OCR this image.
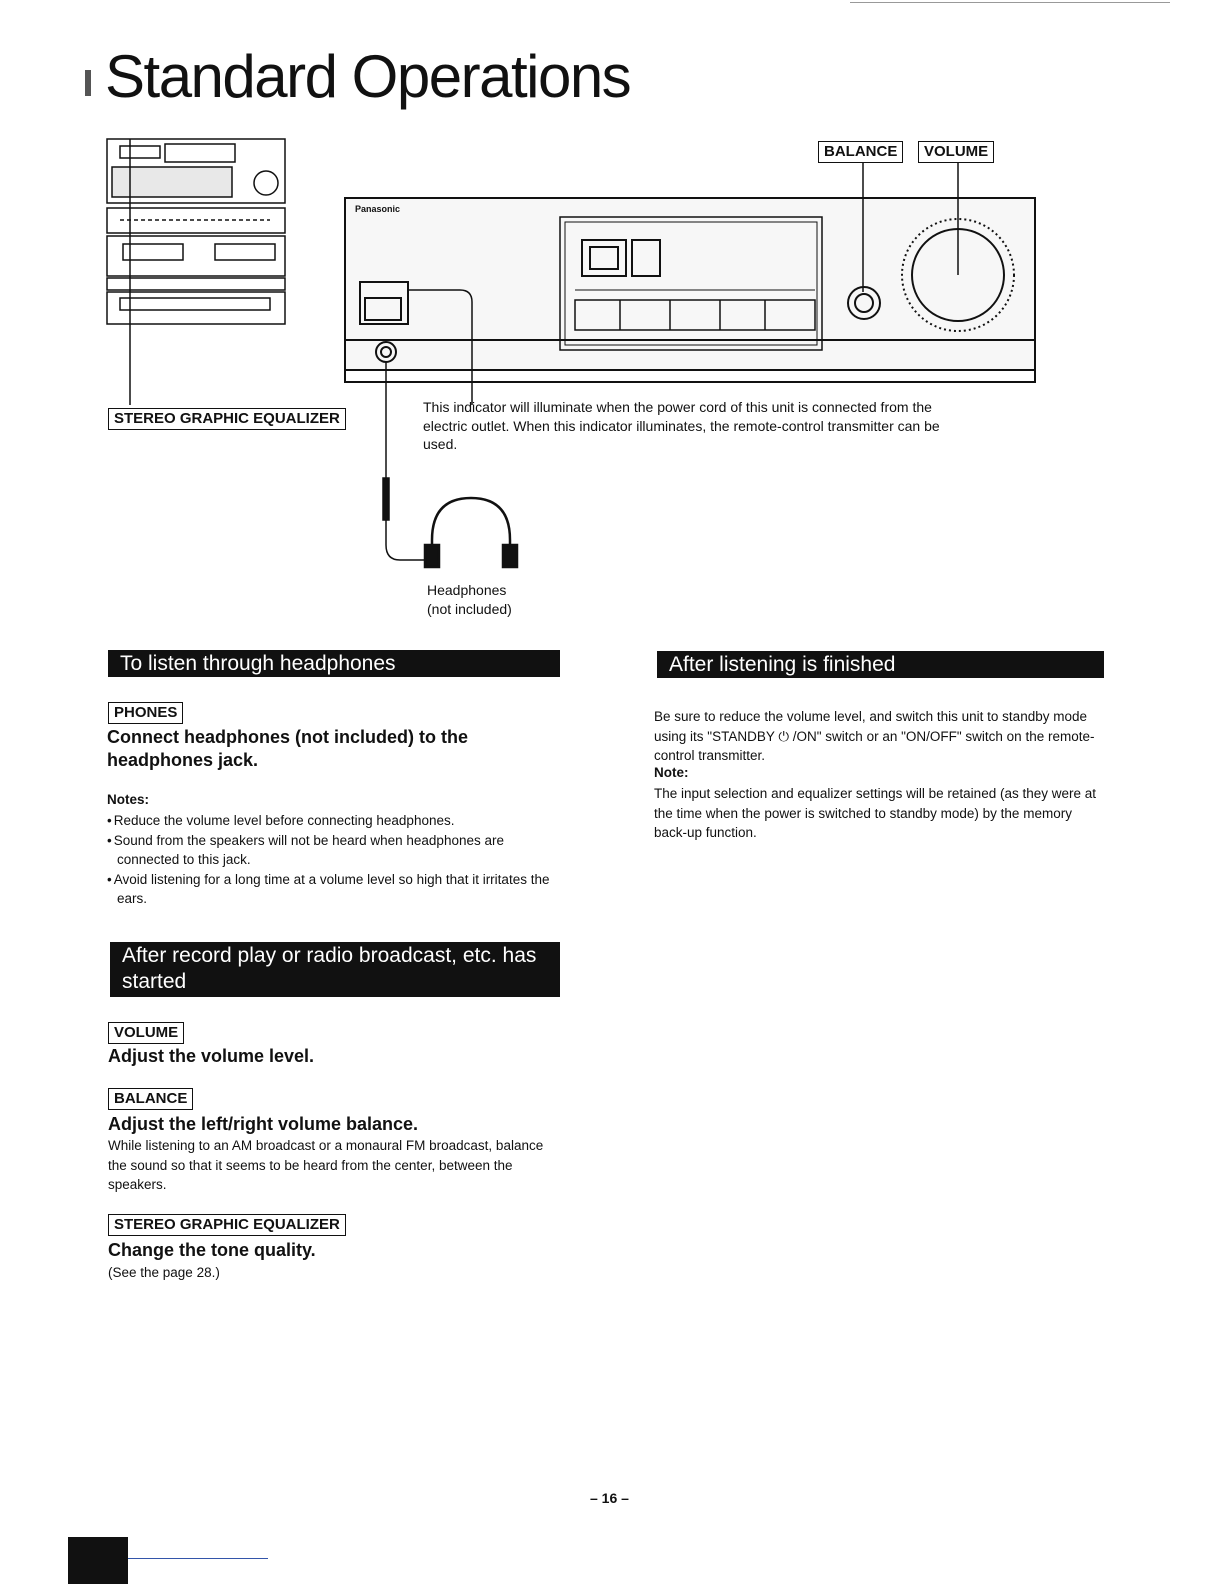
Standard Operations
Panasonic
BALANCE	VOLUME
STEREO GRAPHIC EQUALIZER
This indicator will illuminate when the power cord of this unit is connected from the electric outlet. When this indicator illuminates, the remote-control transmitter can be used.
Headphones
(not included)
To listen through headphones
PHONES
Connect headphones (not included) to the headphones jack.
Notes:
• Reduce the volume level before connecting headphones.
• Sound from the speakers will not be heard when headphones are connected to this jack.
• Avoid listening for a long time at a volume level so high that it irritates the ears.
After record play or radio broadcast, etc. has started
VOLUME
Adjust the volume level.
BALANCE
Adjust the left/right volume balance.
While listening to an AM broadcast or a monaural FM broadcast, balance the sound so that it seems to be heard from the center, between the speakers.
STEREO GRAPHIC EQUALIZER
Change the tone quality.
(See the page 28.)
After listening is finished
Be sure to reduce the volume level, and switch this unit to standby mode using its "STANDBY ⏻ /ON" switch or an "ON/OFF" switch on the remote-control transmitter.
Note:
The input selection and equalizer settings will be retained (as they were at the time when the power is switched to standby mode) by the memory back-up function.
– 16 –
